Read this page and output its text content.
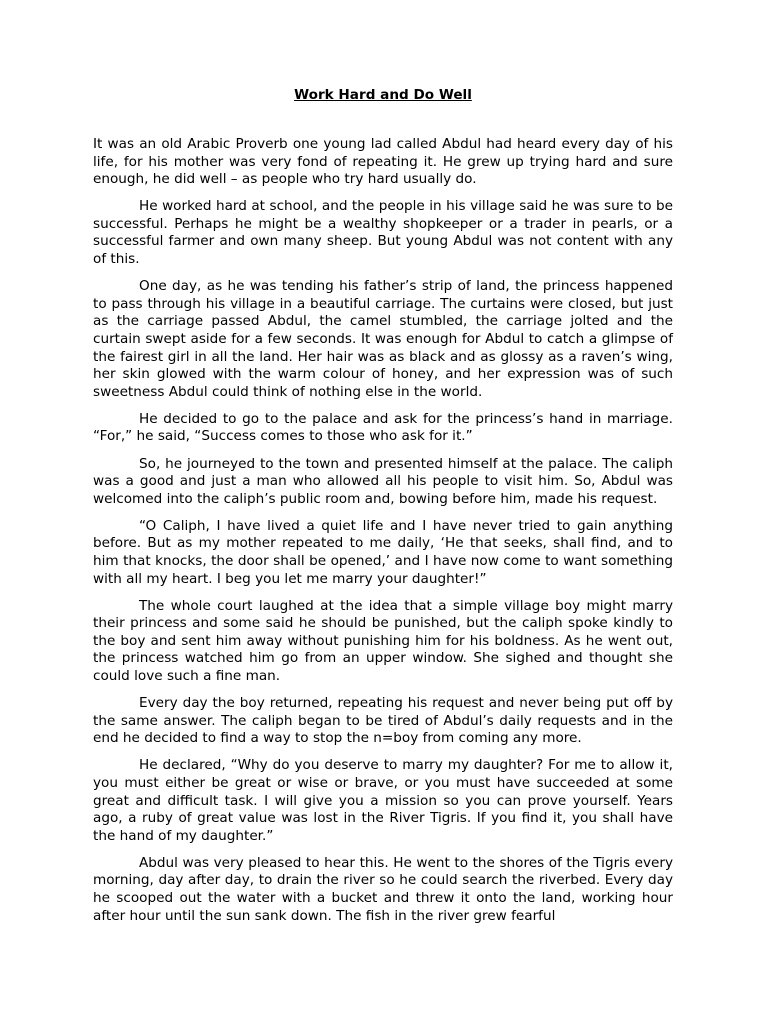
Work Hard and Do Well

It was an old Arabic Proverb one young lad called Abdul had heard every day of his life, for his mother was very fond of repeating it. He grew up trying hard and sure enough, he did well – as people who try hard usually do.

He worked hard at school, and the people in his village said he was sure to be successful. Perhaps he might be a wealthy shopkeeper or a trader in pearls, or a successful farmer and own many sheep. But young Abdul was not content with any of this.

One day, as he was tending his father’s strip of land, the princess happened to pass through his village in a beautiful carriage. The curtains were closed, but just as the carriage passed Abdul, the camel stumbled, the carriage jolted and the curtain swept aside for a few seconds. It was enough for Abdul to catch a glimpse of the fairest girl in all the land. Her hair was as black and as glossy as a raven’s wing, her skin glowed with the warm colour of honey, and her expression was of such sweetness Abdul could think of nothing else in the world.

He decided to go to the palace and ask for the princess’s hand in marriage. “For,” he said, “Success comes to those who ask for it.”

So, he journeyed to the town and presented himself at the palace. The caliph was a good and just a man who allowed all his people to visit him. So, Abdul was welcomed into the caliph’s public room and, bowing before him, made his request.

“O Caliph, I have lived a quiet life and I have never tried to gain anything before. But as my mother repeated to me daily, ‘He that seeks, shall find, and to him that knocks, the door shall be opened,’ and I have now come to want something with all my heart. I beg you let me marry your daughter!”

The whole court laughed at the idea that a simple village boy might marry their princess and some said he should be punished, but the caliph spoke kindly to the boy and sent him away without punishing him for his boldness. As he went out, the princess watched him go from an upper window. She sighed and thought she could love such a fine man.

Every day the boy returned, repeating his request and never being put off by the same answer. The caliph began to be tired of Abdul’s daily requests and in the end he decided to find a way to stop the n=boy from coming any more.

He declared, “Why do you deserve to marry my daughter? For me to allow it, you must either be great or wise or brave, or you must have succeeded at some great and difficult task. I will give you a mission so you can prove yourself. Years ago, a ruby of great value was lost in the River Tigris. If you find it, you shall have the hand of my daughter.”

Abdul was very pleased to hear this. He went to the shores of the Tigris every morning, day after day, to drain the river so he could search the riverbed. Every day he scooped out the water with a bucket and threw it onto the land, working hour after hour until the sun sank down. The fish in the river grew fearful
